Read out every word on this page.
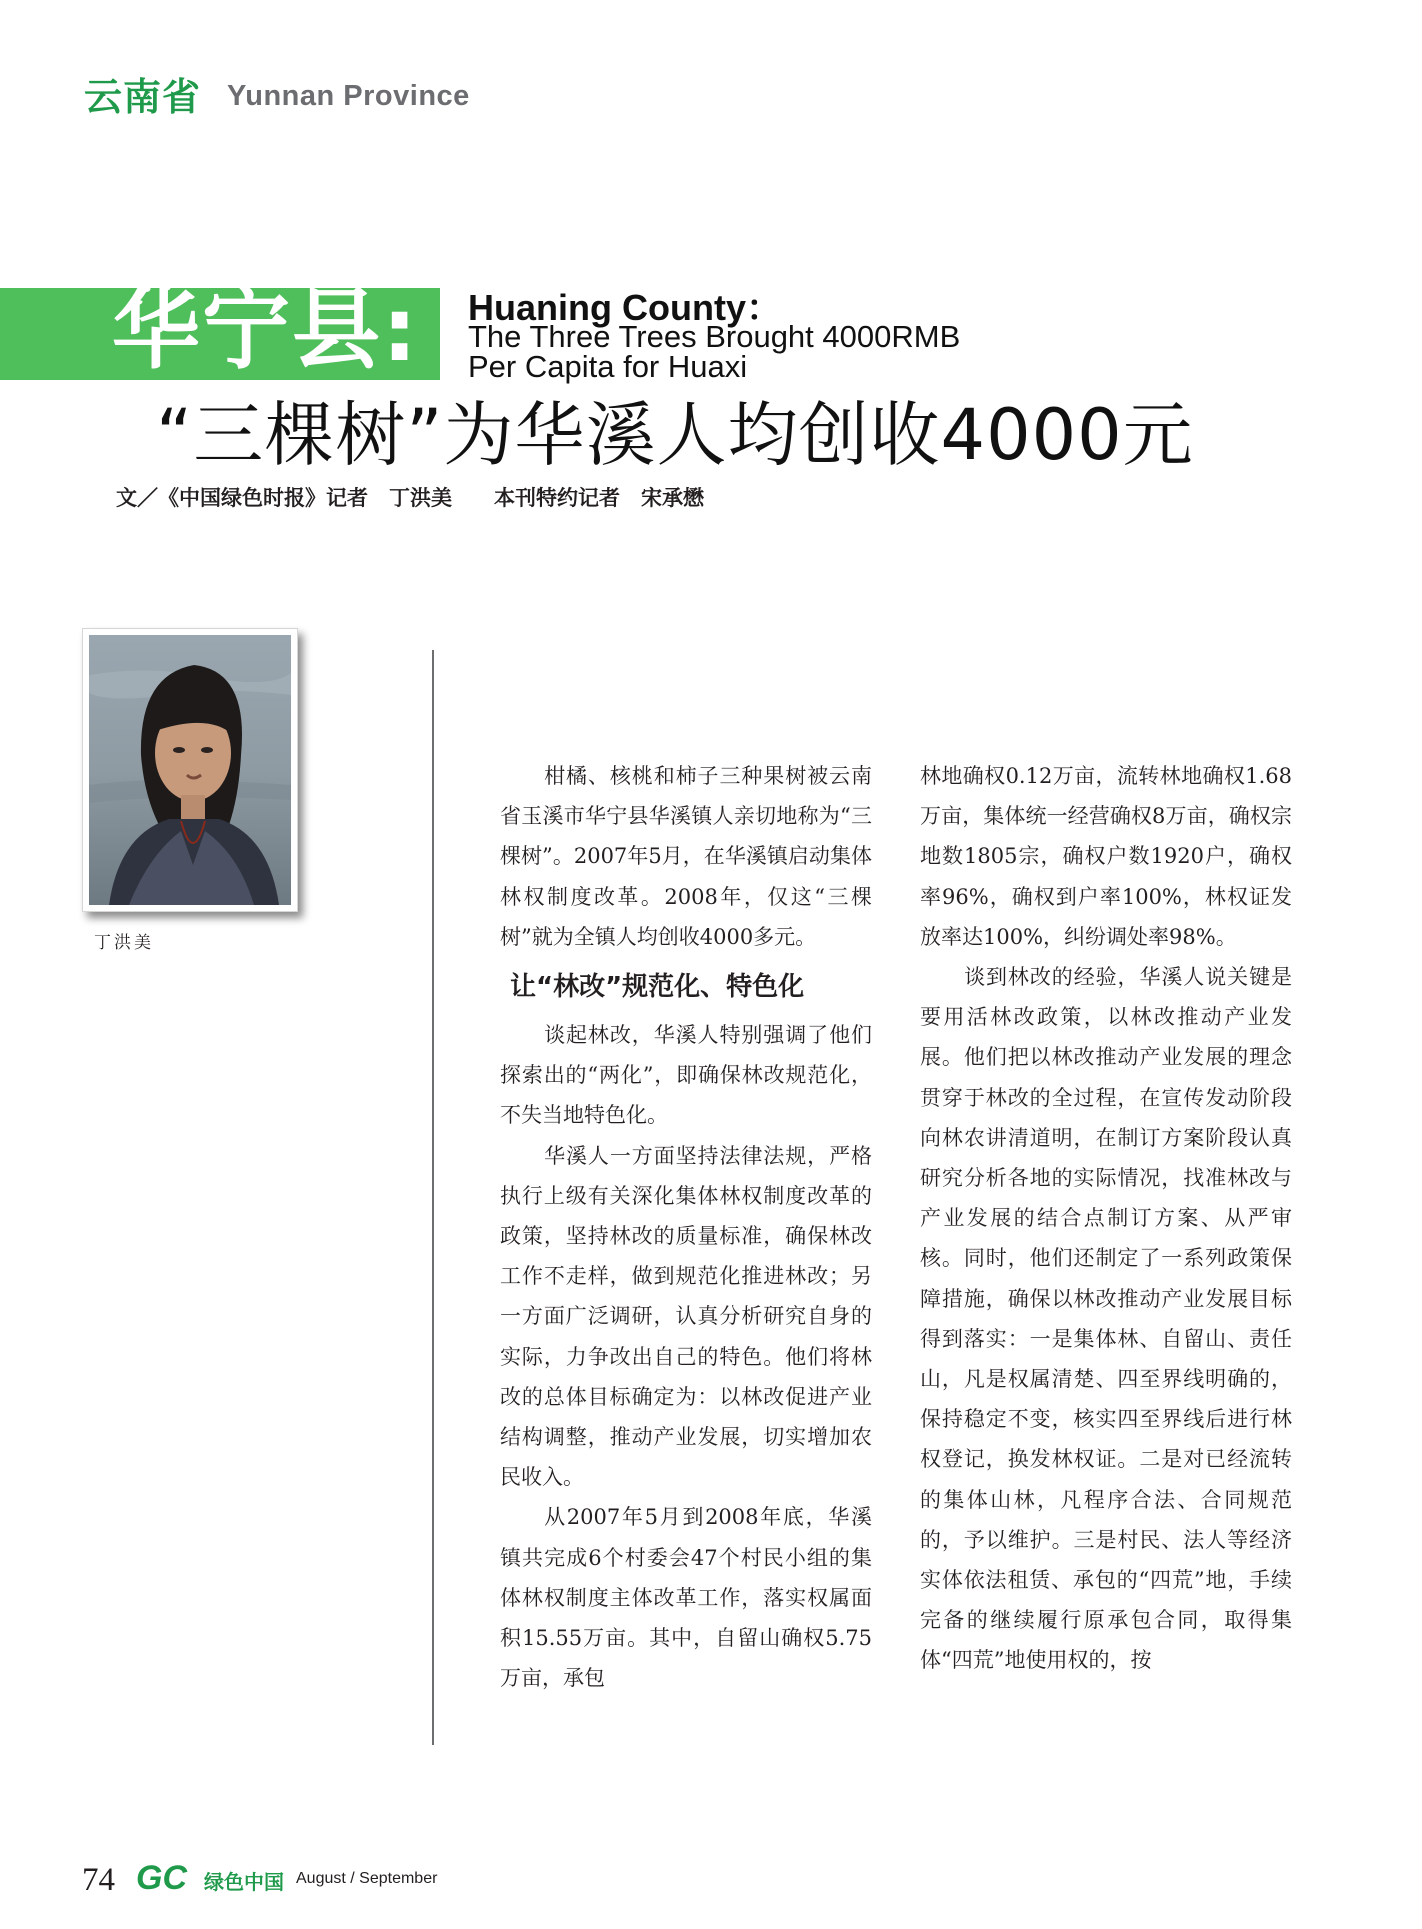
云南省 Yunnan Province
华宁县: Huaning County：
The Three Trees Brought 4000RMB
Per Capita for Huaxi
“三棵树”为华溪人均创收4000元
文／《中国绿色时报》记者　丁洪美　　本刊特约记者　宋承懋
丁洪美

柑橘、核桃和柿子三种果树被云南省玉溪市华宁县华溪镇人亲切地称为“三棵树”。2007年5月，在华溪镇启动集体林权制度改革。2008年，仅这“三棵树”就为全镇人均创收4000多元。

让“林改”规范化、特色化

谈起林改，华溪人特别强调了他们探索出的“两化”，即确保林改规范化，不失当地特色化。

华溪人一方面坚持法律法规，严格执行上级有关深化集体林权制度改革的政策，坚持林改的质量标准，确保林改工作不走样，做到规范化推进林改；另一方面广泛调研，认真分析研究自身的实际，力争改出自己的特色。他们将林改的总体目标确定为：以林改促进产业结构调整，推动产业发展，切实增加农民收入。

从2007年5月到2008年底，华溪镇共完成6个村委会47个村民小组的集体林权制度主体改革工作，落实权属面积15.55万亩。其中，自留山确权5.75万亩，承包

林地确权0.12万亩，流转林地确权1.68万亩，集体统一经营确权8万亩，确权宗地数1805宗，确权户数1920户，确权率96%，确权到户率100%，林权证发放率达100%，纠纷调处率98%。

谈到林改的经验，华溪人说关键是要用活林改政策，以林改推动产业发展。他们把以林改推动产业发展的理念贯穿于林改的全过程，在宣传发动阶段向林农讲清道明，在制订方案阶段认真研究分析各地的实际情况，找准林改与产业发展的结合点制订方案、从严审核。同时，他们还制定了一系列政策保障措施，确保以林改推动产业发展目标得到落实：一是集体林、自留山、责任山，凡是权属清楚、四至界线明确的，保持稳定不变，核实四至界线后进行林权登记，换发林权证。二是对已经流转的集体山林，凡程序合法、合同规范的，予以维护。三是村民、法人等经济实体依法租赁、承包的“四荒”地，手续完备的继续履行原承包合同，取得集体“四荒”地使用权的，按

74 GC 绿色中国 August / September
